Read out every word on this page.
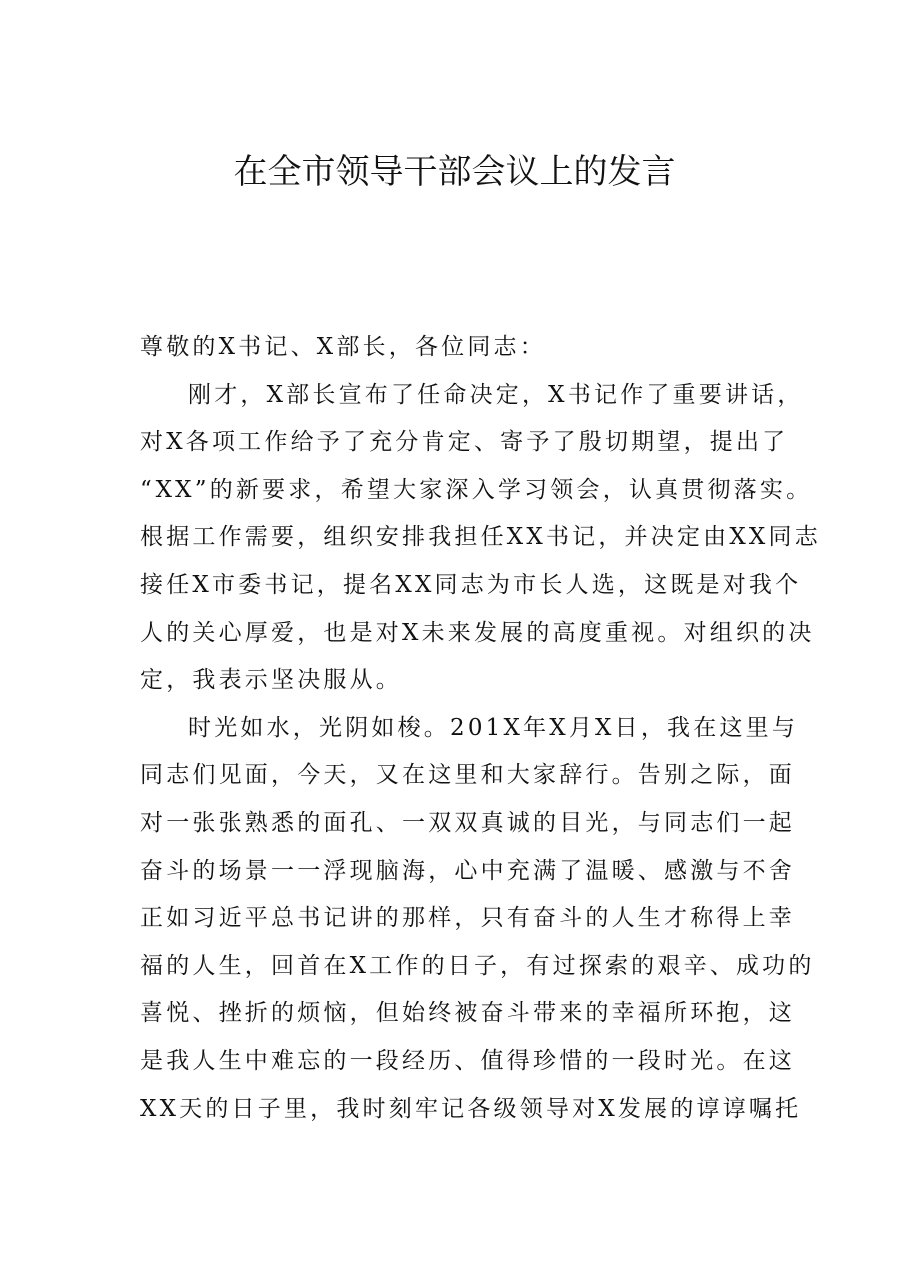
在全市领导干部会议上的发言
尊敬的X书记、X部长，各位同志：
刚才，X部长宣布了任命决定，X书记作了重要讲话，
对X各项工作给予了充分肯定、寄予了殷切期望，提出了
“XX”的新要求，希望大家深入学习领会，认真贯彻落实。
根据工作需要，组织安排我担任XX书记，并决定由XX同志
接任X市委书记，提名XX同志为市长人选，这既是对我个
人的关心厚爱，也是对X未来发展的高度重视。对组织的决
定，我表示坚决服从。
时光如水，光阴如梭。201X年X月X日，我在这里与
同志们见面，今天，又在这里和大家辞行。告别之际，面
对一张张熟悉的面孔、一双双真诚的目光，与同志们一起
奋斗的场景一一浮现脑海，心中充满了温暖、感激与不舍
正如习近平总书记讲的那样，只有奋斗的人生才称得上幸
福的人生，回首在X工作的日子，有过探索的艰辛、成功的
喜悦、挫折的烦恼，但始终被奋斗带来的幸福所环抱，这
是我人生中难忘的一段经历、值得珍惜的一段时光。在这
XX天的日子里，我时刻牢记各级领导对X发展的谆谆嘱托
